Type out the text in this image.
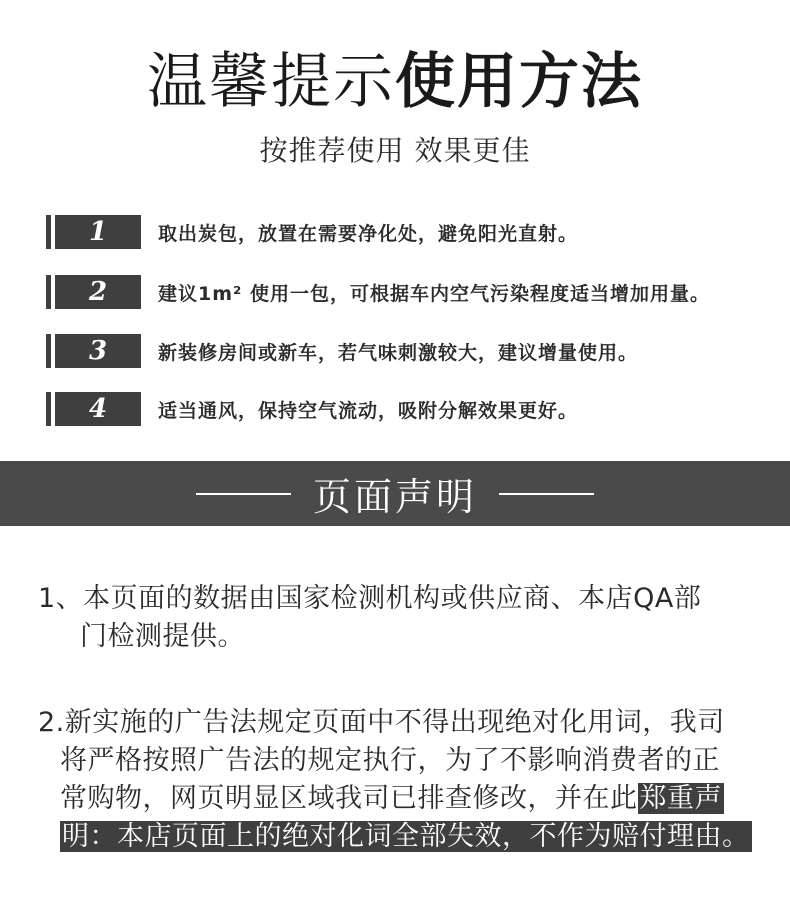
温馨提示使用方法
按推荐使用 效果更佳
1	取出炭包，放置在需要净化处，避免阳光直射。
2	建议1m² 使用一包，可根据车内空气污染程度适当增加用量。
3	新装修房间或新车，若气味刺激较大，建议增量使用。
4	适当通风，保持空气流动，吸附分解效果更好。
页面声明
1、本页面的数据由国家检测机构或供应商、本店QA部
门检测提供。
2.新实施的广告法规定页面中不得出现绝对化用词，我司
将严格按照广告法的规定执行，为了不影响消费者的正
常购物，网页明显区域我司已排查修改，并在此郑重声
明：本店页面上的绝对化词全部失效，不作为赔付理由。
